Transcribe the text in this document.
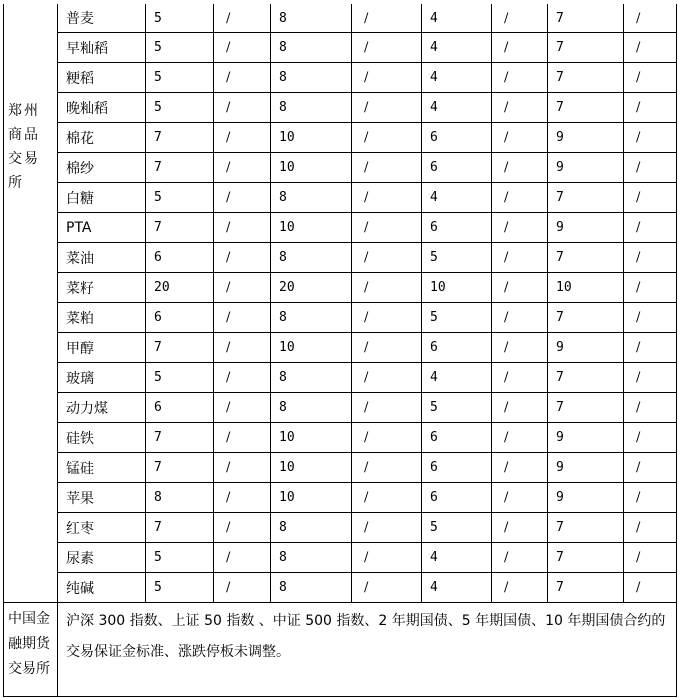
郑州商品交易所	普麦	5	/	8	/	4	/	7	/
	早籼稻	5	/	8	/	4	/	7	/
	粳稻	5	/	8	/	4	/	7	/
	晚籼稻	5	/	8	/	4	/	7	/
	棉花	7	/	10	/	6	/	9	/
	棉纱	7	/	10	/	6	/	9	/
	白糖	5	/	8	/	4	/	7	/
	PTA	7	/	10	/	6	/	9	/
	菜油	6	/	8	/	5	/	7	/
	菜籽	20	/	20	/	10	/	10	/
	菜粕	6	/	8	/	5	/	7	/
	甲醇	7	/	10	/	6	/	9	/
	玻璃	5	/	8	/	4	/	7	/
	动力煤	6	/	8	/	5	/	7	/
	硅铁	7	/	10	/	6	/	9	/
	锰硅	7	/	10	/	6	/	9	/
	苹果	8	/	10	/	6	/	9	/
	红枣	7	/	8	/	5	/	7	/
	尿素	5	/	8	/	4	/	7	/
	纯碱	5	/	8	/	4	/	7	/
中国金融期货交易所	沪深 300 指数、上证 50 指数 、中证 500 指数、2 年期国债、5 年期国债、10 年期国债合约的交易保证金标准、涨跌停板未调整。								
